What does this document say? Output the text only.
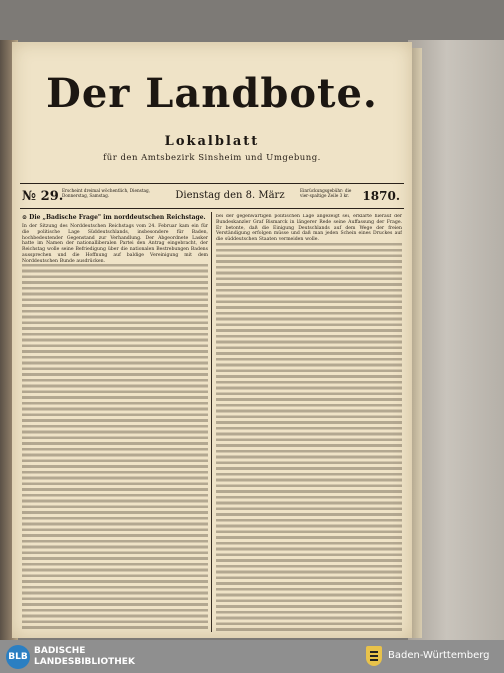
Der Landbote.
Lokalblatt
für den Amtsbezirk Sinsheim und Umgebung.
№ 29.
Erscheint dreimal wöchentlich, Dienstag, Donnerstag, Samstag.	Dienstag den 8. März	Einrückungsgebühr: die vier-spaltige Zeile 3 kr.	1870.
⊙ Die „Badische Frage" im norddeutschen Reichstage.
In der Sitzung des Norddeutschen Reichstags vom 24. Februar kam ein für die politische Lage Süddeutschlands, insbesondere für Baden, hochbedeutender Gegenstand zur Verhandlung. Der Abgeordnete Lasker hatte im Namen der nationalliberalen Partei den Antrag eingebracht, der Reichstag wolle seine Befriedigung über die nationalen Bestrebungen Badens aussprechen und die Hoffnung auf baldige Vereinigung mit dem Norddeutschen Bunde ausdrücken.
bei der gegenwärtigen politischen Lage angezeigt sei, erklärte hierauf der Bundeskanzler Graf Bismarck in längerer Rede seine Auffassung der Frage. Er betonte, daß die Einigung Deutschlands auf dem Wege der freien Verständigung erfolgen müsse und daß man jeden Schein eines Druckes auf die süddeutschen Staaten vermeiden wolle.
BLB
BADISCHE
LANDESBIBLIOTHEK
Baden-Württemberg
